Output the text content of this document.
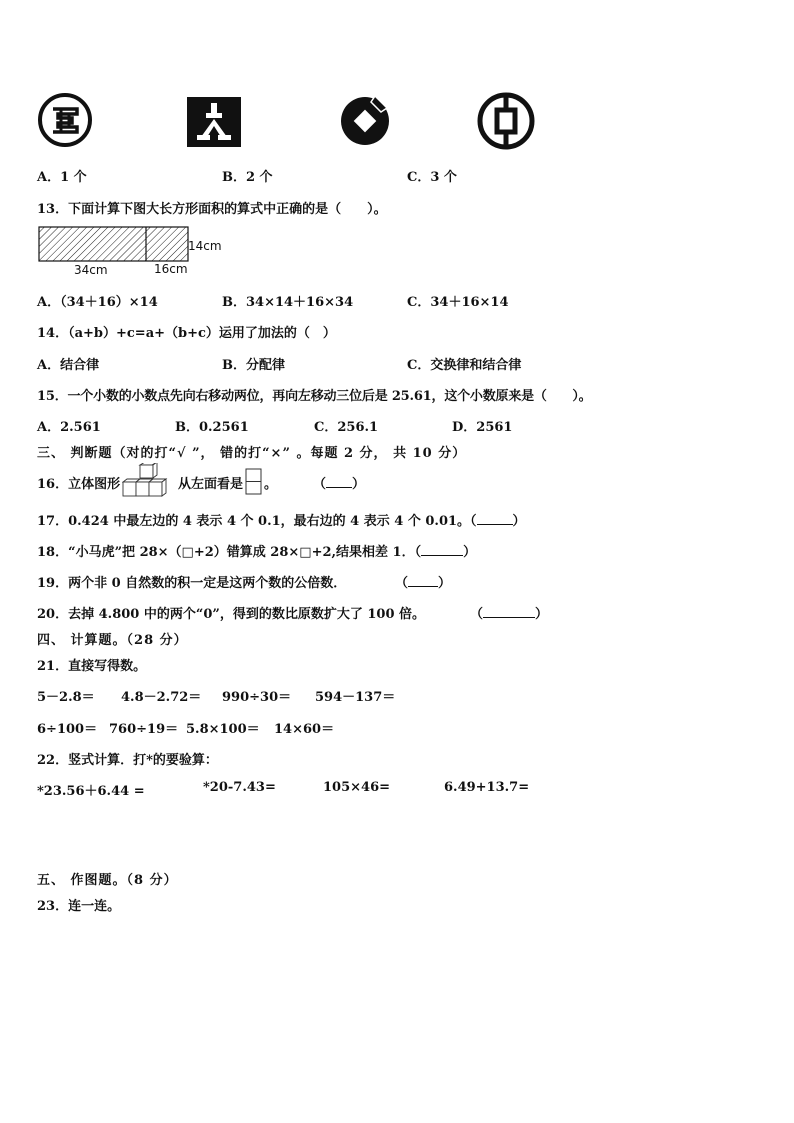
A．1 个	B．2 个	C．3 个
13．下面计算下图大长方形面积的算式中正确的是（　　）。
14cm
34cm	16cm
A．（34＋16）×14	B．34×14＋16×34	C．34＋16×14
14．（a+b）+c=a+（b+c）运用了加法的（　）
A．结合律	B．分配律	C．交换律和结合律
15．一个小数的小数点先向右移动两位，再向左移动三位后是 25.61，这个小数原来是（　　）。
A．2.561	B．0.2561	C．256.1	D．2561
三、 判断题（对的打“√ ”， 错的打“×” 。每题 2 分， 共 10 分）
16．立体图形	从左面看是 。	（ ）
17．0.424 中最左边的 4 表示 4 个 0.1，最右边的 4 表示 4 个 0.01。（	）
18．“小马虎”把 28×（□+2）错算成 28×□+2,结果相差 1．（	）
19．两个非 0 自然数的积一定是这两个数的公倍数．	（ ）
20．去掉 4.800 中的两个“0”，得到的数比原数扩大了 100 倍。	（	）
四、 计算题。（28 分）
21．直接写得数。
5－2.8＝ 4.8－2.72＝ 990÷30＝ 594－137＝
6÷100＝ 760÷19＝ 5.8×100＝ 14×60＝
22．竖式计算．打*的要验算：
*23.56＋6.44 =	*20-7.43=	105×46=	6.49+13.7=
五、 作图题。（8 分）
23．连一连。
